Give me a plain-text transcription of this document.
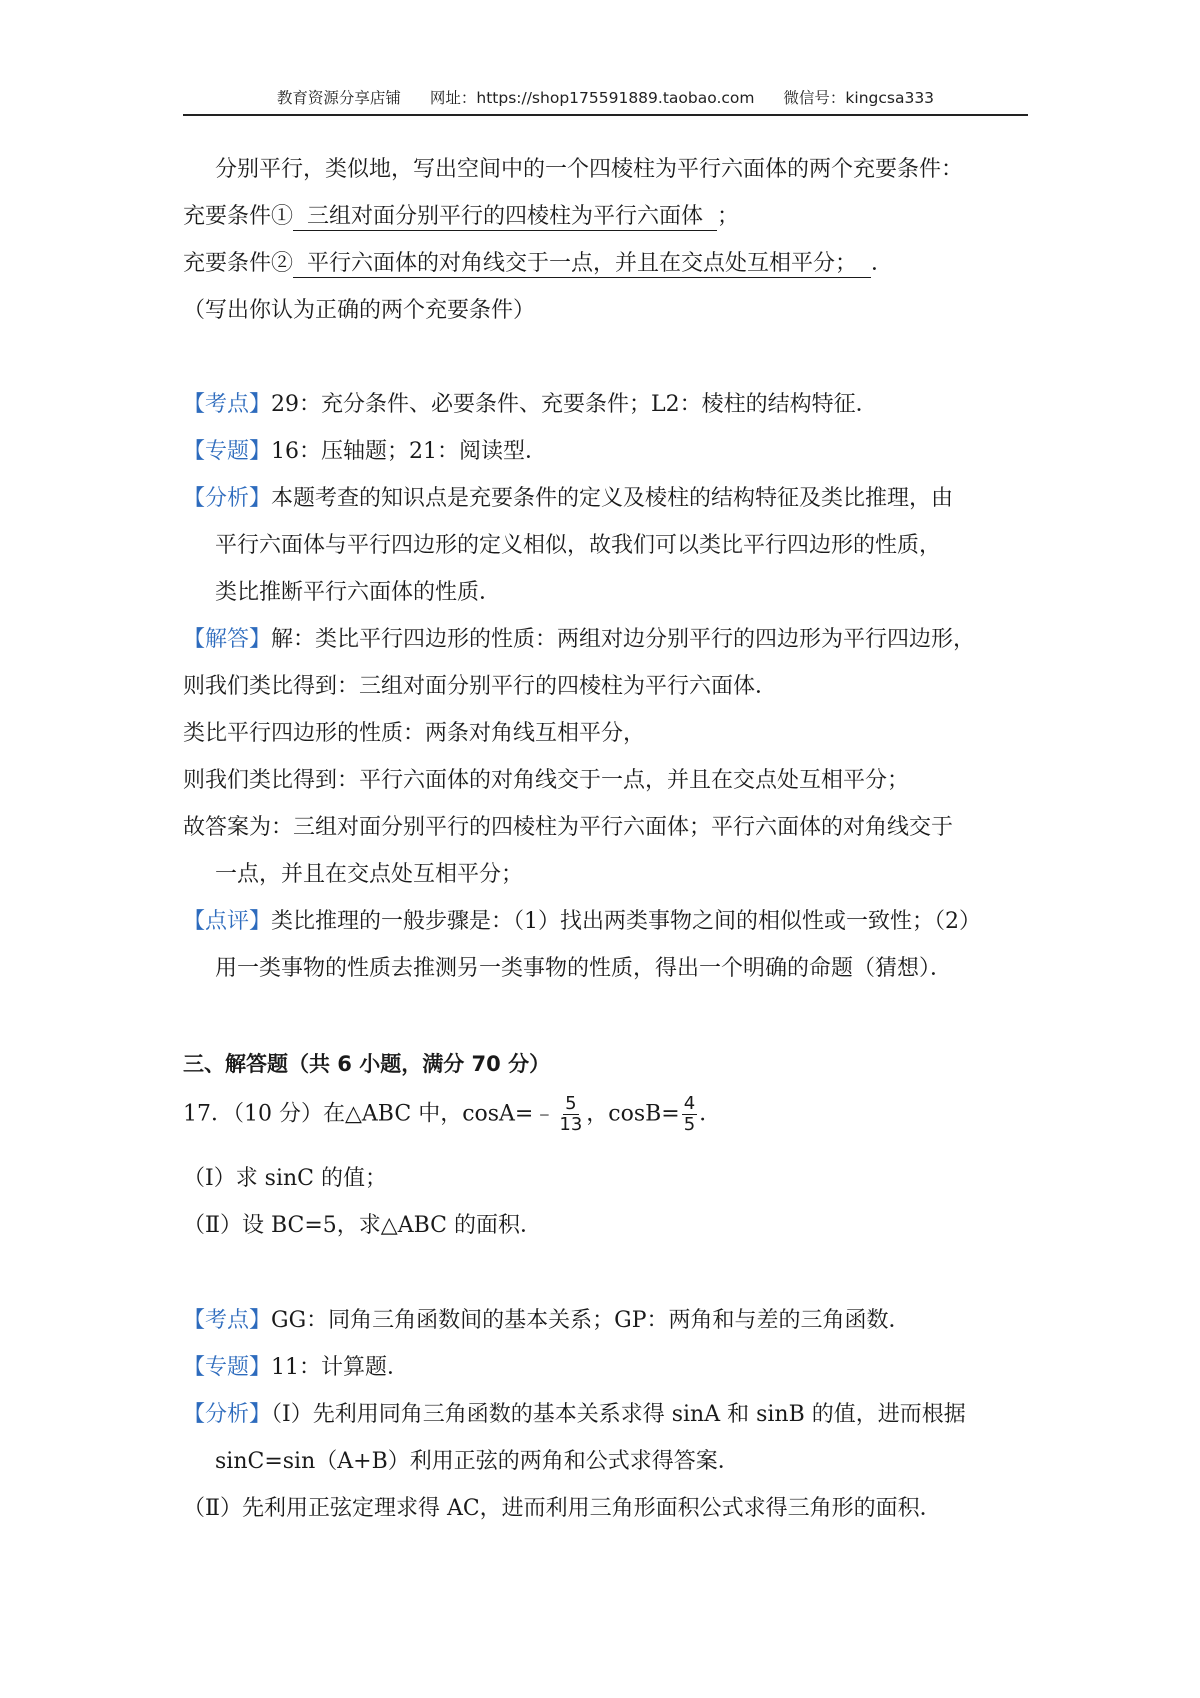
教育资源分享店铺 网址：https://shop175591889.taobao.com 微信号：kingcsa333
分别平行，类似地，写出空间中的一个四棱柱为平行六面体的两个充要条件：
充要条件①  三组对面分别平行的四棱柱为平行六面体  ；
充要条件②  平行六面体的对角线交于一点，并且在交点处互相平分；  ．
（写出你认为正确的两个充要条件）
【考点】29：充分条件、必要条件、充要条件；L2：棱柱的结构特征．
【专题】16：压轴题；21：阅读型．
【分析】本题考查的知识点是充要条件的定义及棱柱的结构特征及类比推理，由
平行六面体与平行四边形的定义相似，故我们可以类比平行四边形的性质，
类比推断平行六面体的性质．
【解答】解：类比平行四边形的性质：两组对边分别平行的四边形为平行四边形，
则我们类比得到：三组对面分别平行的四棱柱为平行六面体．
类比平行四边形的性质：两条对角线互相平分，
则我们类比得到：平行六面体的对角线交于一点，并且在交点处互相平分；
故答案为：三组对面分别平行的四棱柱为平行六面体；平行六面体的对角线交于
一点，并且在交点处互相平分；
【点评】类比推理的一般步骤是：（1）找出两类事物之间的相似性或一致性；（2）
用一类事物的性质去推测另一类事物的性质，得出一个明确的命题（猜想）．
三、解答题（共 6 小题，满分 70 分）
17．（10 分）在△ABC 中，cosA=﹣ $\frac{5}{13}$ ，$\cos B= \frac{4}{5}$ ．
（Ⅰ）求 sinC 的值；
（Ⅱ）设 BC=5，求△ABC 的面积．
【考点】GG：同角三角函数间的基本关系；GP：两角和与差的三角函数．
【专题】11：计算题．
【分析】（Ⅰ）先利用同角三角函数的基本关系求得 sinA 和 sinB 的值，进而根据
sinC=sin（A+B）利用正弦的两角和公式求得答案．
（Ⅱ）先利用正弦定理求得 AC，进而利用三角形面积公式求得三角形的面积．
